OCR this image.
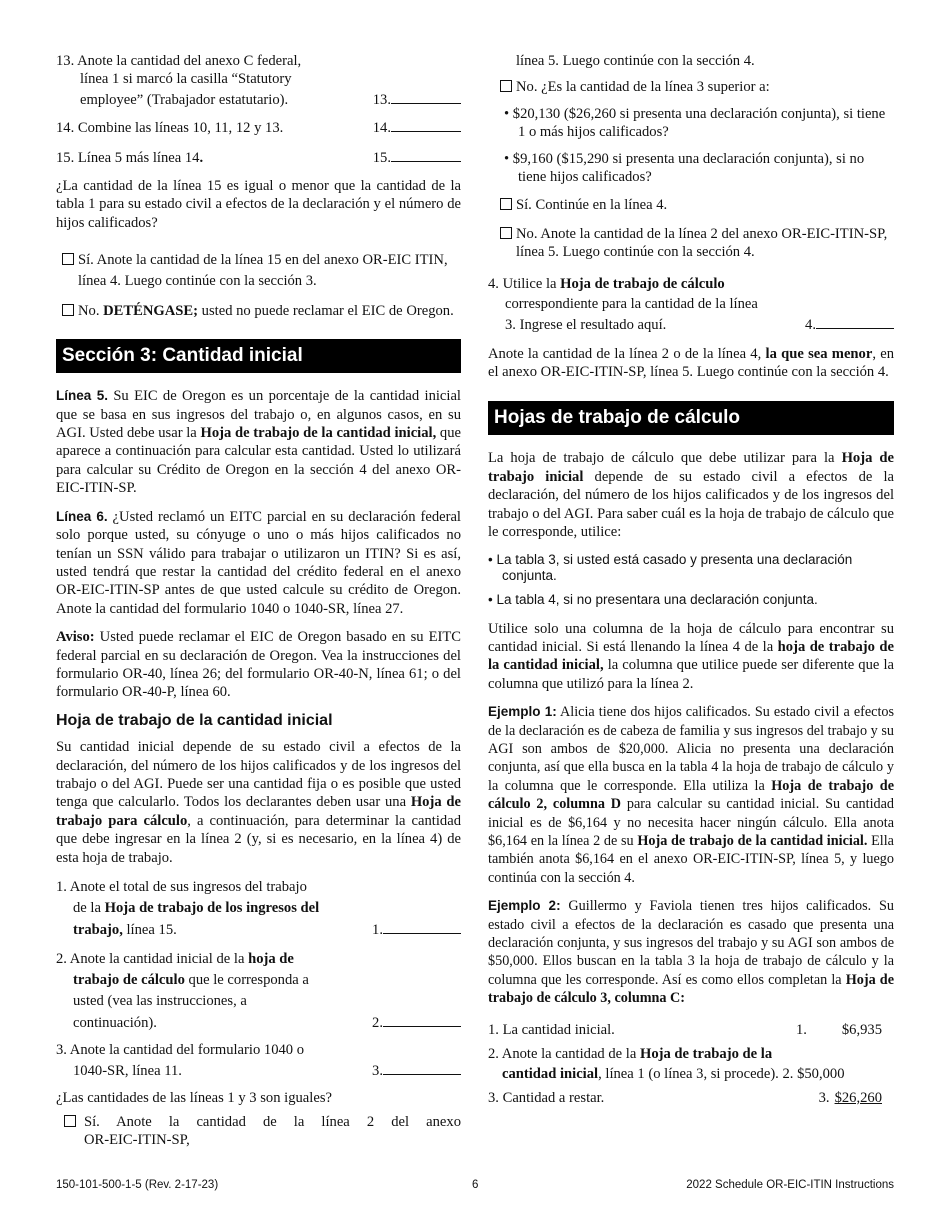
13. Anote la cantidad del anexo C federal,
línea 1 si marcó la casilla “Statutory
employee” (Trabajador estatutario).	13.
14. Combine las líneas 10, 11, 12 y 13.	14.
15. Línea 5 más línea 14.	15.

¿La cantidad de la línea 15 es igual o menor que la cantidad de la tabla 1 para su estado civil a efectos de la declaración y el número de hijos calificados?

Sí. Anote la cantidad de la línea 15 en del anexo OR-EIC ITIN, línea 4. Luego continúe con la sección 3.

No. DETÉNGASE; usted no puede reclamar el EIC de Oregon.

Sección 3: Cantidad inicial

Línea 5. Su EIC de Oregon es un porcentaje de la cantidad inicial que se basa en sus ingresos del trabajo o, en algunos casos, en su AGI. Usted debe usar la Hoja de trabajo de la cantidad inicial, que aparece a continuación para calcular esta cantidad. Usted lo utilizará para calcular su Crédito de Oregon en la sección 4 del anexo OR-EIC-ITIN-SP.

Línea 6. ¿Usted reclamó un EITC parcial en su declaración federal solo porque usted, su cónyuge o uno o más hijos calificados no tenían un SSN válido para trabajar o utilizaron un ITIN? Si es así, usted tendrá que restar la cantidad del crédito federal en el anexo OR-EIC-ITIN-SP antes de que usted calcule su crédito de Oregon. Anote la cantidad del formulario 1040 o 1040-SR, línea 27.

Aviso: Usted puede reclamar el EIC de Oregon basado en su EITC federal parcial en su declaración de Oregon. Vea la instrucciones del formulario OR-40, línea 26; del formulario OR-40-N, línea 61; o del formulario OR-40-P, línea 60.

Hoja de trabajo de la cantidad inicial

Su cantidad inicial depende de su estado civil a efectos de la declaración, del número de los hijos calificados y de los ingresos del trabajo o del AGI. Puede ser una cantidad fija o es posible que usted tenga que calcularlo. Todos los declarantes deben usar una Hoja de trabajo para cálculo, a continuación, para determinar la cantidad que debe ingresar en la línea 2 (y, si es necesario, en la línea 4) de esta hoja de trabajo.

1. Anote el total de sus ingresos del trabajo
de la Hoja de trabajo de los ingresos del
trabajo, línea 15.	1.
2. Anote la cantidad inicial de la hoja de
trabajo de cálculo que le corresponda a
usted (vea las instrucciones, a
continuación).	2.
3. Anote la cantidad del formulario 1040 o
1040-SR, línea 11.	3.

¿Las cantidades de las líneas 1 y 3 son iguales?

Sí. Anote la cantidad de la línea 2 del anexo
OR-EIC-ITIN-SP,

línea 5. Luego continúe con la sección 4.

No. ¿Es la cantidad de la línea 3 superior a:

• $20,130 ($26,260 si presenta una declaración conjunta), si tiene 1 o más hijos calificados?

• $9,160 ($15,290 si presenta una declaración conjunta), si no tiene hijos calificados?

Sí. Continúe en la línea 4.

No. Anote la cantidad de la línea 2 del anexo OR-EIC-ITIN-SP, línea 5. Luego continúe con la sección 4.

4. Utilice la Hoja de trabajo de cálculo
correspondiente para la cantidad de la línea
3. Ingrese el resultado aquí.	4.

Anote la cantidad de la línea 2 o de la línea 4, la que sea menor, en el anexo OR-EIC-ITIN-SP, línea 5. Luego continúe con la sección 4.

Hojas de trabajo de cálculo

La hoja de trabajo de cálculo que debe utilizar para la Hoja de trabajo inicial depende de su estado civil a efectos de la declaración, del número de los hijos calificados y de los ingresos del trabajo o del AGI. Para saber cuál es la hoja de trabajo de cálculo que le corresponde, utilice:

• La tabla 3, si usted está casado y presenta una declaración conjunta.

• La tabla 4, si no presentara una declaración conjunta.

Utilice solo una columna de la hoja de cálculo para encontrar su cantidad inicial. Si está llenando la línea 4 de la hoja de trabajo de la cantidad inicial, la columna que utilice puede ser diferente que la columna que utilizó para la línea 2.

Ejemplo 1: Alicia tiene dos hijos calificados. Su estado civil a efectos de la declaración es de cabeza de familia y sus ingresos del trabajo y su AGI son ambos de $20,000. Alicia no presenta una declaración conjunta, así que ella busca en la tabla 4 la hoja de trabajo de cálculo y la columna que le corresponde. Ella utiliza la Hoja de trabajo de cálculo 2, columna D para calcular su cantidad inicial. Su cantidad inicial es de $6,164 y no necesita hacer ningún cálculo. Ella anota $6,164 en la línea 2 de su Hoja de trabajo de la cantidad inicial. Ella también anota $6,164 en el anexo OR-EIC-ITIN-SP, línea 5, y luego continúa con la sección 4.

Ejemplo 2: Guillermo y Faviola tienen tres hijos calificados. Su estado civil a efectos de la declaración es casado que presenta una declaración conjunta, y sus ingresos del trabajo y su AGI son ambos de $50,000. Ellos buscan en la tabla 3 la hoja de trabajo de cálculo y la columna que les corresponde. Así es como ellos completan la Hoja de trabajo de cálculo 3, columna C:

1. La cantidad inicial.	1.	$6,935
2. Anote la cantidad de la Hoja de trabajo de la
cantidad inicial, línea 1 (o línea 3, si procede). 2. $50,000
3. Cantidad a restar.	3. $26,260
150-101-500-1-5 (Rev. 2-17-23)	6	2022 Schedule OR-EIC-ITIN Instructions
